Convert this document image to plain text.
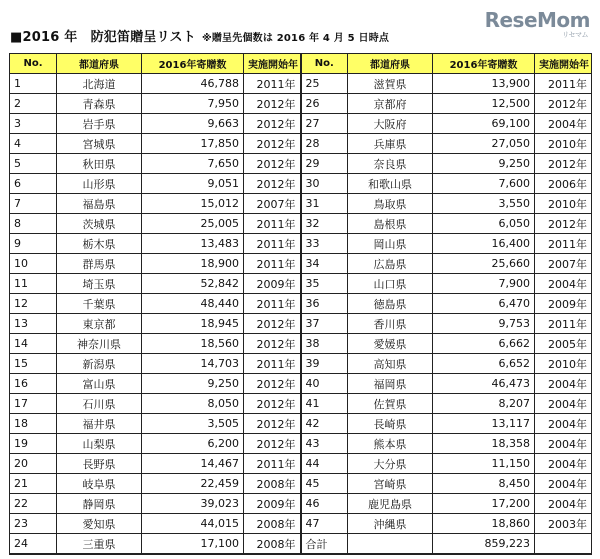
■2016 年　防犯笛贈呈リスト ※贈呈先個数は 2016 年 4 月 5 日時点
ReseMom
リセマム
No.	都道府県	2016年寄贈数	実施開始年	No.	都道府県	2016年寄贈数	実施開始年
1	北海道	46,788	2011年	25	滋賀県	13,900	2011年
2	青森県	7,950	2012年	26	京都府	12,500	2012年
3	岩手県	9,663	2012年	27	大阪府	69,100	2004年
4	宮城県	17,850	2012年	28	兵庫県	27,050	2010年
5	秋田県	7,650	2012年	29	奈良県	9,250	2012年
6	山形県	9,051	2012年	30	和歌山県	7,600	2006年
7	福島県	15,012	2007年	31	鳥取県	3,550	2010年
8	茨城県	25,005	2011年	32	島根県	6,050	2012年
9	栃木県	13,483	2011年	33	岡山県	16,400	2011年
10	群馬県	18,900	2011年	34	広島県	25,660	2007年
11	埼玉県	52,842	2009年	35	山口県	7,900	2004年
12	千葉県	48,440	2011年	36	徳島県	6,470	2009年
13	東京都	18,945	2012年	37	香川県	9,753	2011年
14	神奈川県	18,560	2012年	38	愛媛県	6,662	2005年
15	新潟県	14,703	2011年	39	高知県	6,652	2010年
16	富山県	9,250	2012年	40	福岡県	46,473	2004年
17	石川県	8,050	2012年	41	佐賀県	8,207	2004年
18	福井県	3,505	2012年	42	長崎県	13,117	2004年
19	山梨県	6,200	2012年	43	熊本県	18,358	2004年
20	長野県	14,467	2011年	44	大分県	11,150	2004年
21	岐阜県	22,459	2008年	45	宮崎県	8,450	2004年
22	静岡県	39,023	2009年	46	鹿児島県	17,200	2004年
23	愛知県	44,015	2008年	47	沖縄県	18,860	2003年
24	三重県	17,100	2008年	合計		859,223	
